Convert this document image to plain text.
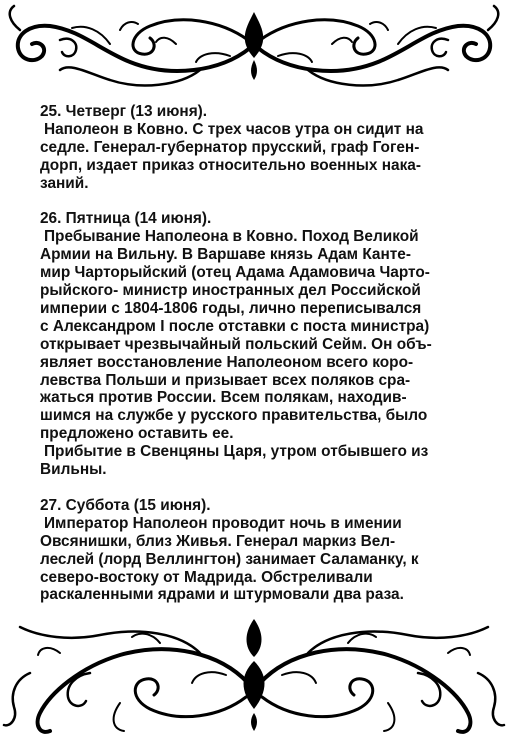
25. Четверг (13 июня).
Наполеон в Ковно. С трех часов утра он сидит на
седле. Генерал-губернатор прусский, граф Гоген-
дорп, издает приказ относительно военных нака-
заний.
26. Пятница (14 июня).
Пребывание Наполеона в Ковно. Поход Великой
Армии на Вильну. В Варшаве князь Адам Канте-
мир Чарторыйский (отец Адама Адамовича Чарто-
рыйского- министр иностранных дел Российской
империи с 1804-1806 годы, лично переписывался
с Александром I после отставки с поста министра)
открывает чрезвычайный польский Сейм. Он объ-
являет восстановление Наполеоном всего коро-
левства Польши и призывает всех поляков сра-
жаться против России. Всем полякам, находив-
шимся на службе у русского правительства, было
предложено оставить ее.
Прибытие в Свенцяны Царя, утром отбывшего из
Вильны.
27. Суббота (15 июня).
Император Наполеон проводит ночь в имении
Овсянишки, близ Живья. Генерал маркиз Вел-
леслей (лорд Веллингтон) занимает Саламанку, к
северо-востоку от Мадрида. Обстреливали
раскаленными ядрами и штурмовали два раза.
